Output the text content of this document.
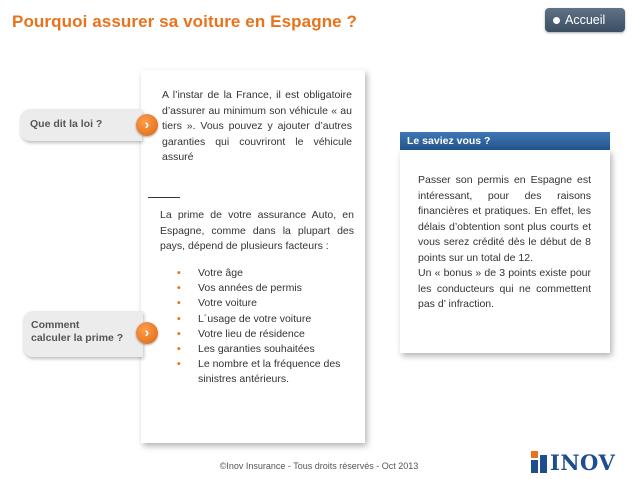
Pourquoi assurer sa voiture en Espagne ?	Accueil
Que dit la loi ?	›
Comment
calculer la prime ?	›

A l’instar de la France, il est obligatoire d’assurer au minimum son véhicule « au tiers ». Vous pouvez y ajouter d’autres garanties qui couvriront le véhicule assuré

La prime de votre assurance Auto, en Espagne, comme dans la plupart des pays, dépend de plusieurs facteurs :

• Votre âge
• Vos années de permis
• Votre voiture
• L´usage de votre voiture
• Votre lieu de résidence
• Les garanties souhaitées
• Le nombre et la fréquence des sinistres antérieurs.
Le saviez vous ?

Passer son permis en Espagne est intéressant, pour des raisons financières et pratiques. En effet, les délais d’obtention sont plus courts et vous serez crédité dès le début de 8 points sur un total de 12.

Un « bonus » de 3 points existe pour les conducteurs qui ne commettent pas d’ infraction.

©Inov Insurance - Tous droits réservés - Oct 2013	INOV
